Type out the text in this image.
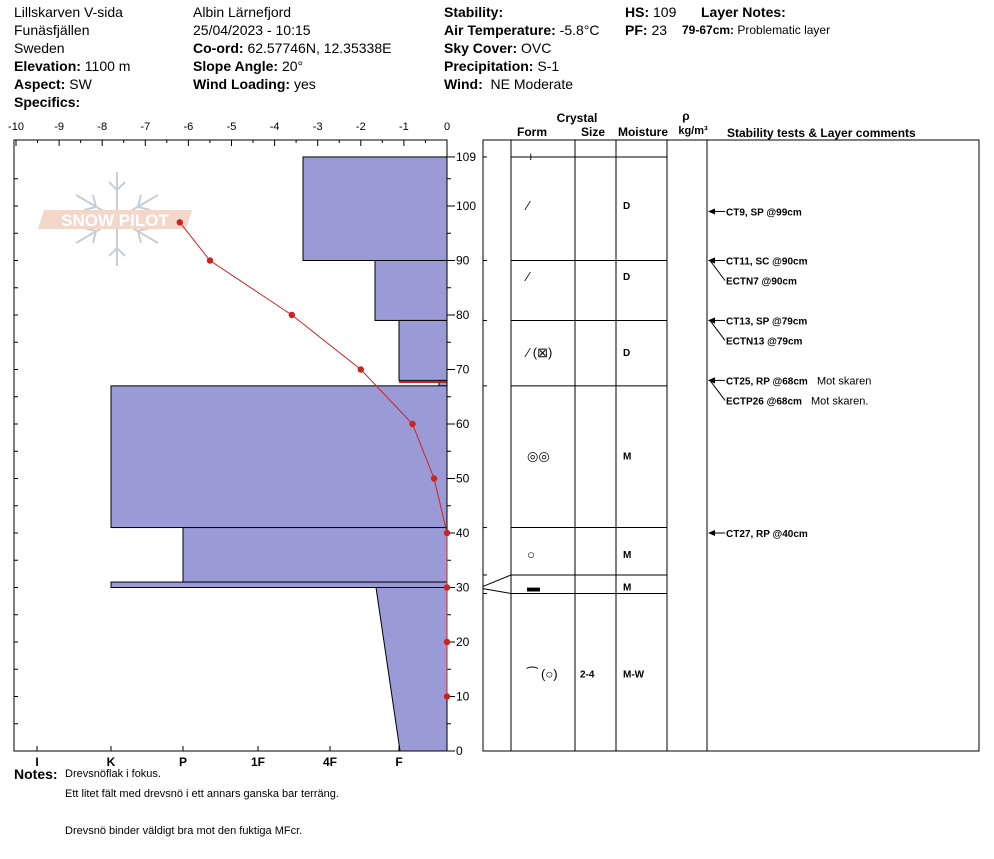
Lillskarven V-sida
Funäsfjällen
Sweden
Elevation: 1100 m
Aspect: SW
Specifics:
Albin Lärnefjord
25/04/2023 - 10:15
Co-ord: 62.57746N, 12.35338E
Slope Angle: 20°
Wind Loading: yes
Stability:
Air Temperature: -5.8°C
Sky Cover: OVC
Precipitation: S-1
Wind: NE Moderate
HS: 109
PF: 23
Layer Notes:
79-67cm: Problematic layer
SNOW PILOT
-10	-9	-8	-7	-6	-5	-4	-3	-2	-1	0
109
100
90
80
70
60
50
40
30
20
10
0
I	K	P	1F	4F	F
+
⁄	D
⁄	D
⁄ (⊠)	D
◎◎	M
○	M
▬	M
⁀ (○) 2-4	M-W
CT9, SP @99cm
CT11, SC @90cm
ECTN7 @90cm
CT13, SP @79cm
ECTN13 @79cm
CT25, RP @68cm Mot skaren
ECTP26 @68cm Mot skaren.
CT27, RP @40cm
Crystal
Form	Size Moisture
ρ
kg/m³ Stability tests & Layer comments
Notes: Drevsnöflak i fokus.
Ett litet fält med drevsnö i ett annars ganska bar terräng.
Drevsnö binder väldigt bra mot den fuktiga MFcr.
